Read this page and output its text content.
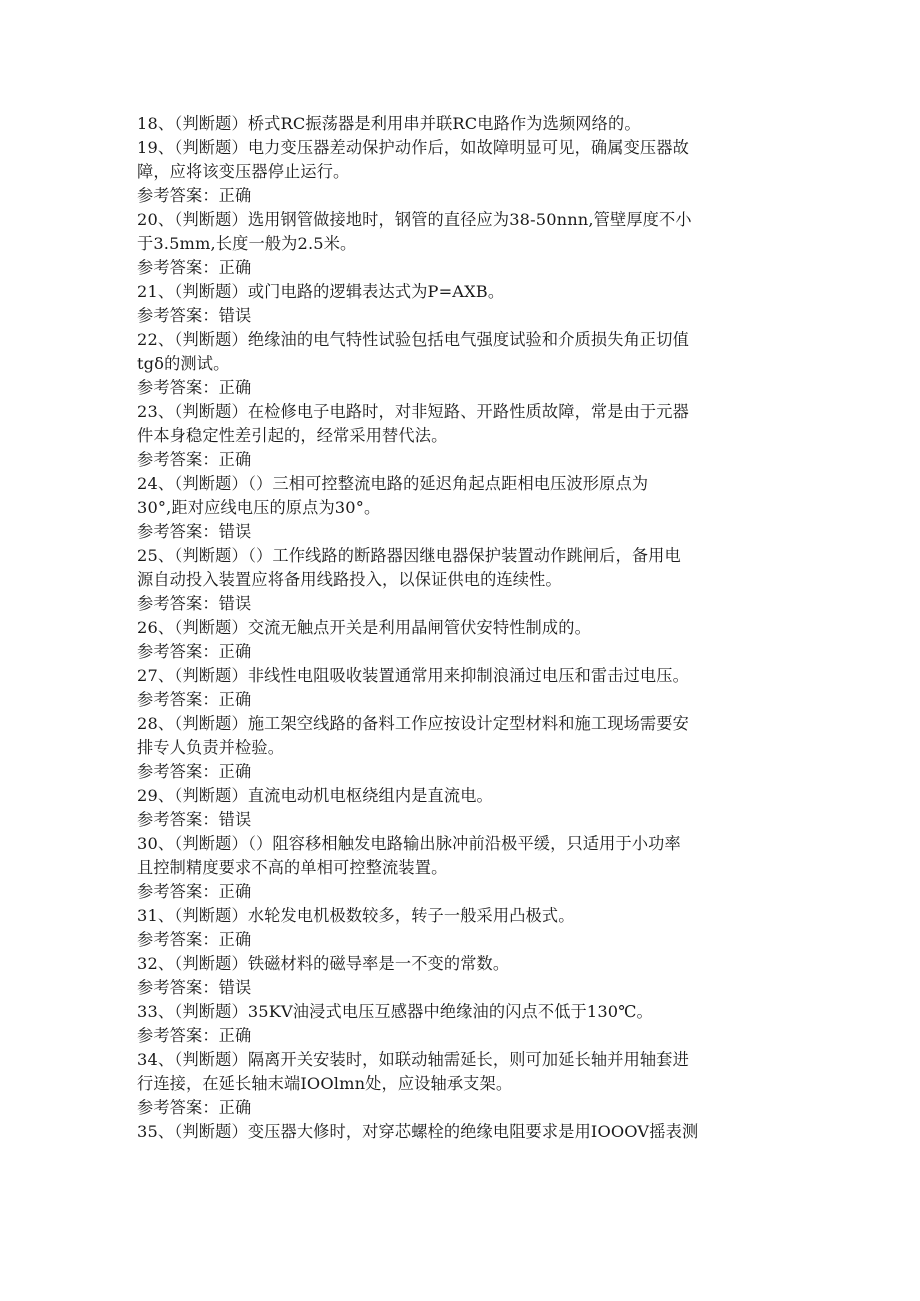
18、（判断题）桥式RC振荡器是利用串并联RC电路作为选频网络的。
19、（判断题）电力变压器差动保护动作后，如故障明显可见，确属变压器故
障，应将该变压器停止运行。
参考答案：正确
20、（判断题）选用钢管做接地时，钢管的直径应为38-50nnn,管壁厚度不小
于3.5mm,长度一般为2.5米。
参考答案：正确
21、（判断题）或门电路的逻辑表达式为P=AXB。
参考答案：错误
22、（判断题）绝缘油的电气特性试验包括电气强度试验和介质损失角正切值
tgδ的测试。
参考答案：正确
23、（判断题）在检修电子电路时，对非短路、开路性质故障，常是由于元器
件本身稳定性差引起的，经常采用替代法。
参考答案：正确
24、（判断题）（）三相可控整流电路的延迟角起点距相电压波形原点为
30°,距对应线电压的原点为30°。
参考答案：错误
25、（判断题）（）工作线路的断路器因继电器保护装置动作跳闸后，备用电
源自动投入装置应将备用线路投入，以保证供电的连续性。
参考答案：错误
26、（判断题）交流无触点开关是利用晶闸管伏安特性制成的。
参考答案：正确
27、（判断题）非线性电阻吸收装置通常用来抑制浪涌过电压和雷击过电压。
参考答案：正确
28、（判断题）施工架空线路的备料工作应按设计定型材料和施工现场需要安
排专人负责并检验。
参考答案：正确
29、（判断题）直流电动机电枢绕组内是直流电。
参考答案：错误
30、（判断题）（）阻容移相触发电路输出脉冲前沿极平缓，只适用于小功率
且控制精度要求不高的单相可控整流装置。
参考答案：正确
31、（判断题）水轮发电机极数较多，转子一般采用凸极式。
参考答案：正确
32、（判断题）铁磁材料的磁导率是一不变的常数。
参考答案：错误
33、（判断题）35KV油浸式电压互感器中绝缘油的闪点不低于130℃。
参考答案：正确
34、（判断题）隔离开关安装时，如联动轴需延长，则可加延长轴并用轴套进
行连接，在延长轴末端IOOlmn处，应设轴承支架。
参考答案：正确
35、（判断题）变压器大修时，对穿芯螺栓的绝缘电阻要求是用IOOOV摇表测
